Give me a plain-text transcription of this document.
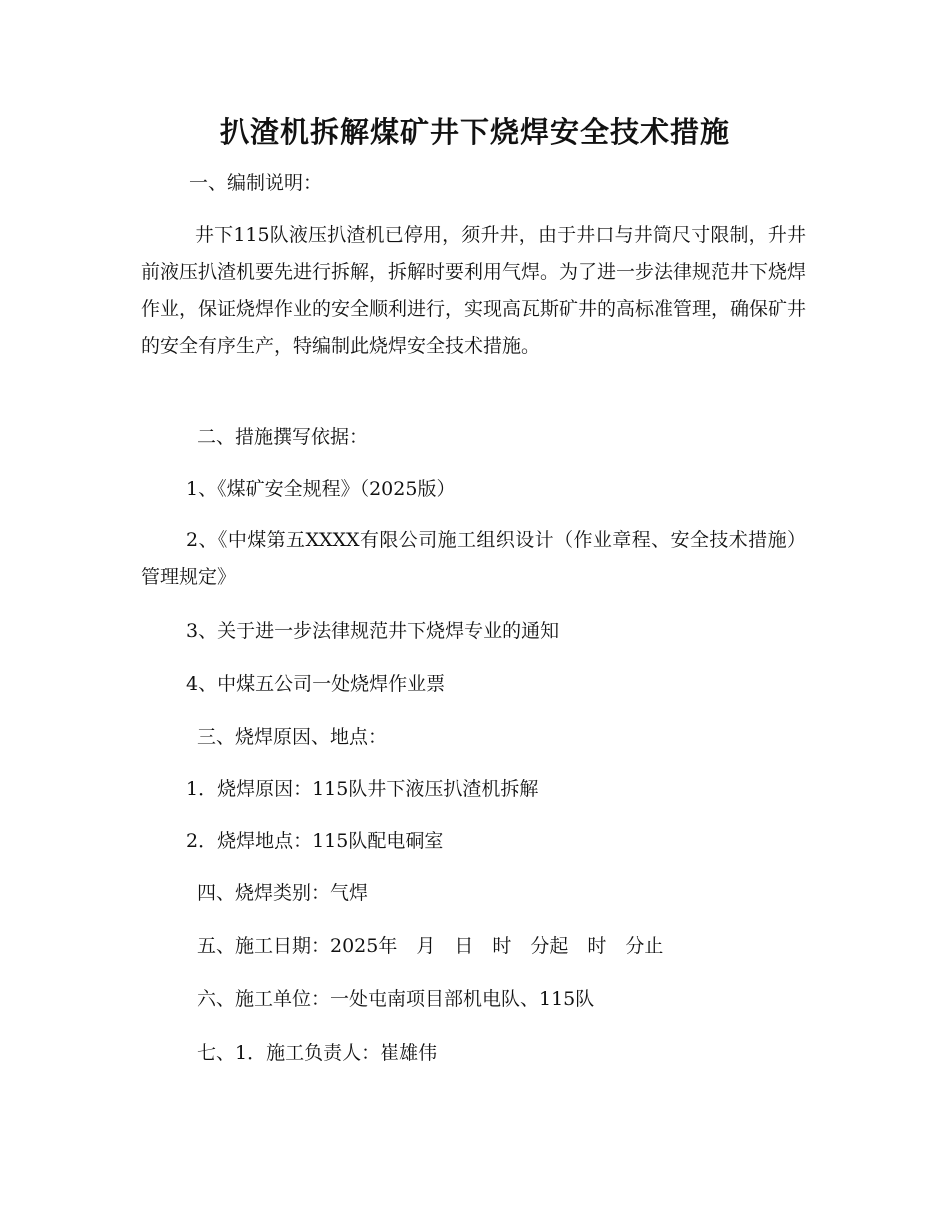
扒渣机拆解煤矿井下烧焊安全技术措施

一、编制说明：

井下115队液压扒渣机已停用，须升井，由于井口与井筒尺寸限制，升井前液压扒渣机要先进行拆解，拆解时要利用气焊。为了进一步法律规范井下烧焊作业，保证烧焊作业的安全顺利进行，实现高瓦斯矿井的高标准管理，确保矿井的安全有序生产，特编制此烧焊安全技术措施。

二、措施撰写依据：

1、《煤矿安全规程》（2025版）

2、《中煤第五XXXX有限公司施工组织设计（作业章程、安全技术措施）管理规定》

3、关于进一步法律规范井下烧焊专业的通知

4、中煤五公司一处烧焊作业票

三、烧焊原因、地点：

1．烧焊原因：115队井下液压扒渣机拆解

2．烧焊地点：115队配电硐室

四、烧焊类别：气焊

五、施工日期：2025年　月　日　时　分起　时　分止

六、施工单位：一处屯南项目部机电队、115队

七、1．施工负责人：崔雄伟
